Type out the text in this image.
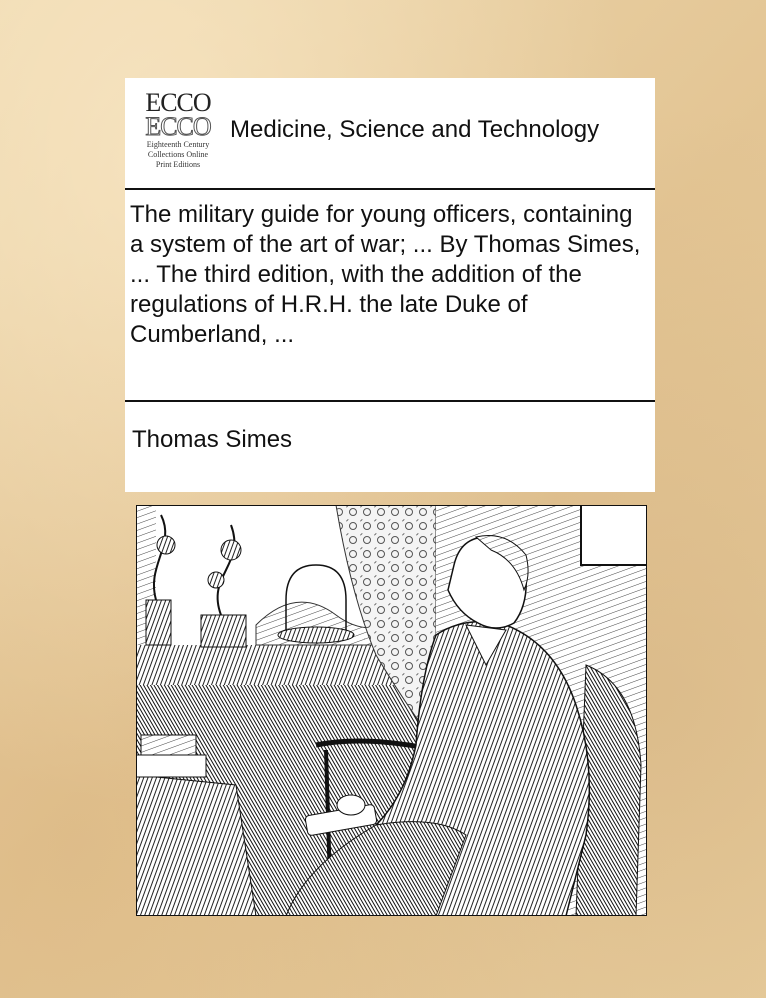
ECCO
ECCO
Eighteenth Century
Collections Online
Print Editions
Medicine, Science and Technology
The military guide for young officers, containing a system of the art of war; ... By Thomas Simes, ... The third edition, with the addition of the regulations of H.R.H. the late Duke of Cumberland, ...
Thomas Simes
